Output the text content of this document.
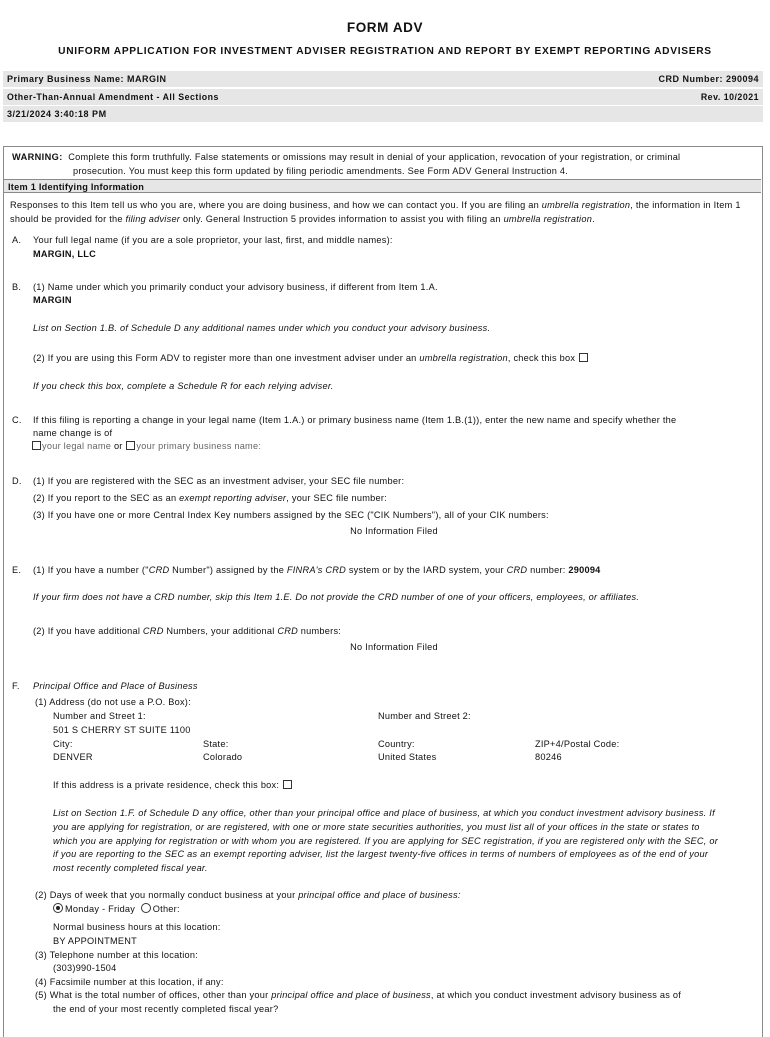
FORM ADV
UNIFORM APPLICATION FOR INVESTMENT ADVISER REGISTRATION AND REPORT BY EXEMPT REPORTING ADVISERS
Primary Business Name: MARGIN	CRD Number: 290094
Other-Than-Annual Amendment - All Sections	Rev. 10/2021
3/21/2024 3:40:18 PM
WARNING: Complete this form truthfully. False statements or omissions may result in denial of your application, revocation of your registration, or criminal
prosecution. You must keep this form updated by filing periodic amendments. See Form ADV General Instruction 4.
Item 1 Identifying Information
Responses to this Item tell us who you are, where you are doing business, and how we can contact you. If you are filing an umbrella registration, the information in Item 1 should be provided for the filing adviser only. General Instruction 5 provides information to assist you with filing an umbrella registration.
A. Your full legal name (if you are a sole proprietor, your last, first, and middle names):
MARGIN, LLC
B. (1) Name under which you primarily conduct your advisory business, if different from Item 1.A.
MARGIN
List on Section 1.B. of Schedule D any additional names under which you conduct your advisory business.
(2) If you are using this Form ADV to register more than one investment adviser under an umbrella registration, check this box
If you check this box, complete a Schedule R for each relying adviser.
C. If this filing is reporting a change in your legal name (Item 1.A.) or primary business name (Item 1.B.(1)), enter the new name and specify whether the
name change is of
your legal name or your primary business name:
D. (1) If you are registered with the SEC as an investment adviser, your SEC file number:
(2) If you report to the SEC as an exempt reporting adviser, your SEC file number:
(3) If you have one or more Central Index Key numbers assigned by the SEC ("CIK Numbers"), all of your CIK numbers:
No Information Filed
E. (1) If you have a number ("CRD Number") assigned by the FINRA's CRD system or by the IARD system, your CRD number: 290094
If your firm does not have a CRD number, skip this Item 1.E. Do not provide the CRD number of one of your officers, employees, or affiliates.
(2) If you have additional CRD Numbers, your additional CRD numbers:
No Information Filed
F. Principal Office and Place of Business
(1) Address (do not use a P.O. Box):
Number and Street 1:	Number and Street 2:
501 S CHERRY ST SUITE 1100
City:	State:	Country:	ZIP+4/Postal Code:
DENVER	Colorado	United States	80246
If this address is a private residence, check this box:
List on Section 1.F. of Schedule D any office, other than your principal office and place of business, at which you conduct investment advisory business. If
you are applying for registration, or are registered, with one or more state securities authorities, you must list all of your offices in the state or states to
which you are applying for registration or with whom you are registered. If you are applying for SEC registration, if you are registered only with the SEC, or
if you are reporting to the SEC as an exempt reporting adviser, list the largest twenty-five offices in terms of numbers of employees as of the end of your
most recently completed fiscal year.
(2) Days of week that you normally conduct business at your principal office and place of business:
Monday - Friday Other:
Normal business hours at this location:
BY APPOINTMENT
(3) Telephone number at this location:
(303)990-1504
(4) Facsimile number at this location, if any:
(5) What is the total number of offices, other than your principal office and place of business, at which you conduct investment advisory business as of
the end of your most recently completed fiscal year?
